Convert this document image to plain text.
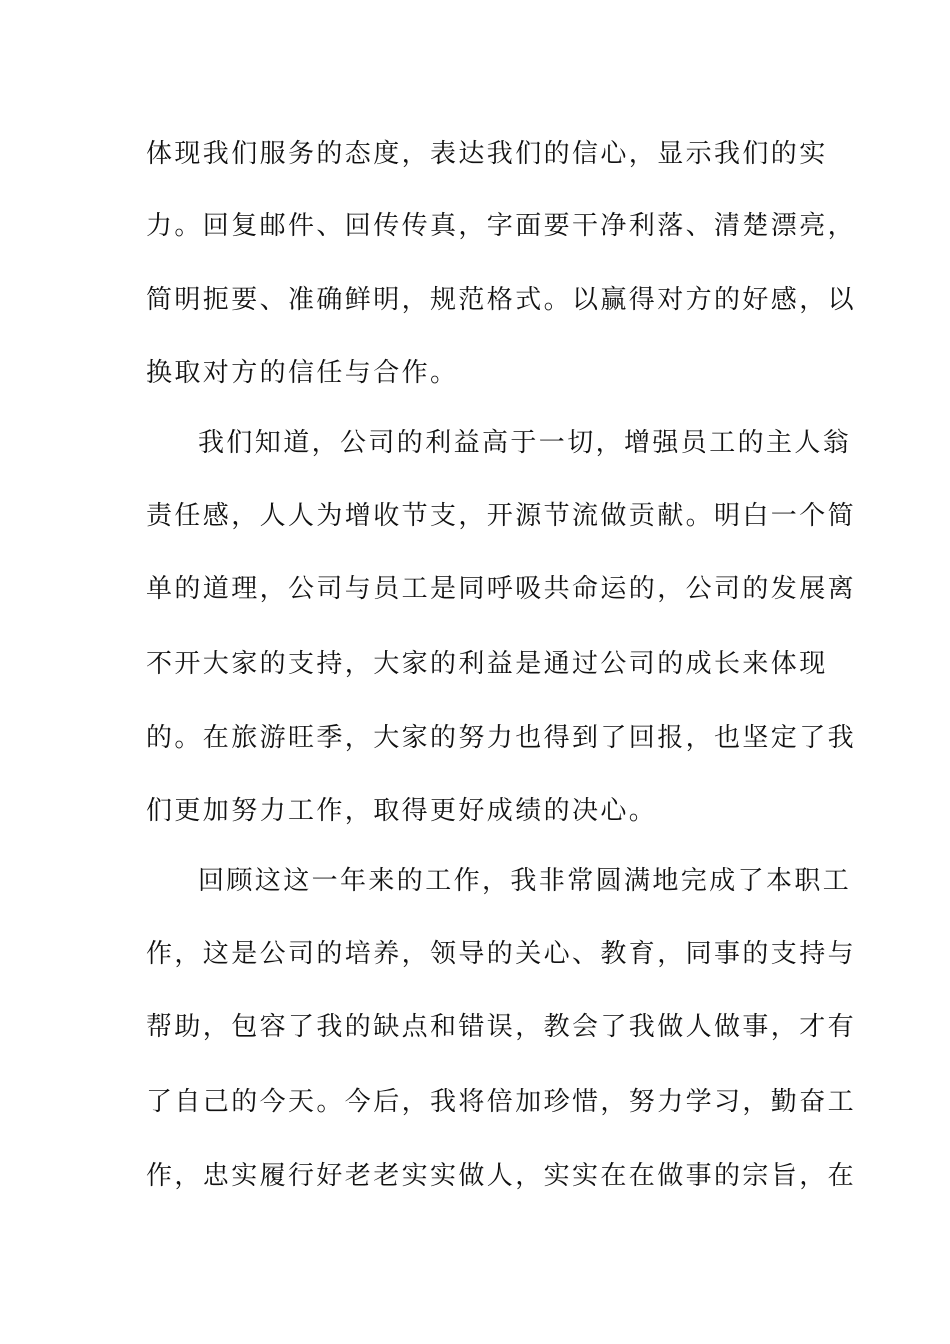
体现我们服务的态度，表达我们的信心，显示我们的实
力。回复邮件、回传传真，字面要干净利落、清楚漂亮，
简明扼要、准确鲜明，规范格式。以赢得对方的好感，以
换取对方的信任与合作。
我们知道，公司的利益高于一切，增强员工的主人翁
责任感，人人为增收节支，开源节流做贡献。明白一个简
单的道理，公司与员工是同呼吸共命运的，公司的发展离
不开大家的支持，大家的利益是通过公司的成长来体现
的。在旅游旺季，大家的努力也得到了回报，也坚定了我
们更加努力工作，取得更好成绩的决心。
回顾这这一年来的工作，我非常圆满地完成了本职工
作，这是公司的培养，领导的关心、教育，同事的支持与
帮助，包容了我的缺点和错误，教会了我做人做事，才有
了自己的今天。今后，我将倍加珍惜，努力学习，勤奋工
作，忠实履行好老老实实做人，实实在在做事的宗旨，在
